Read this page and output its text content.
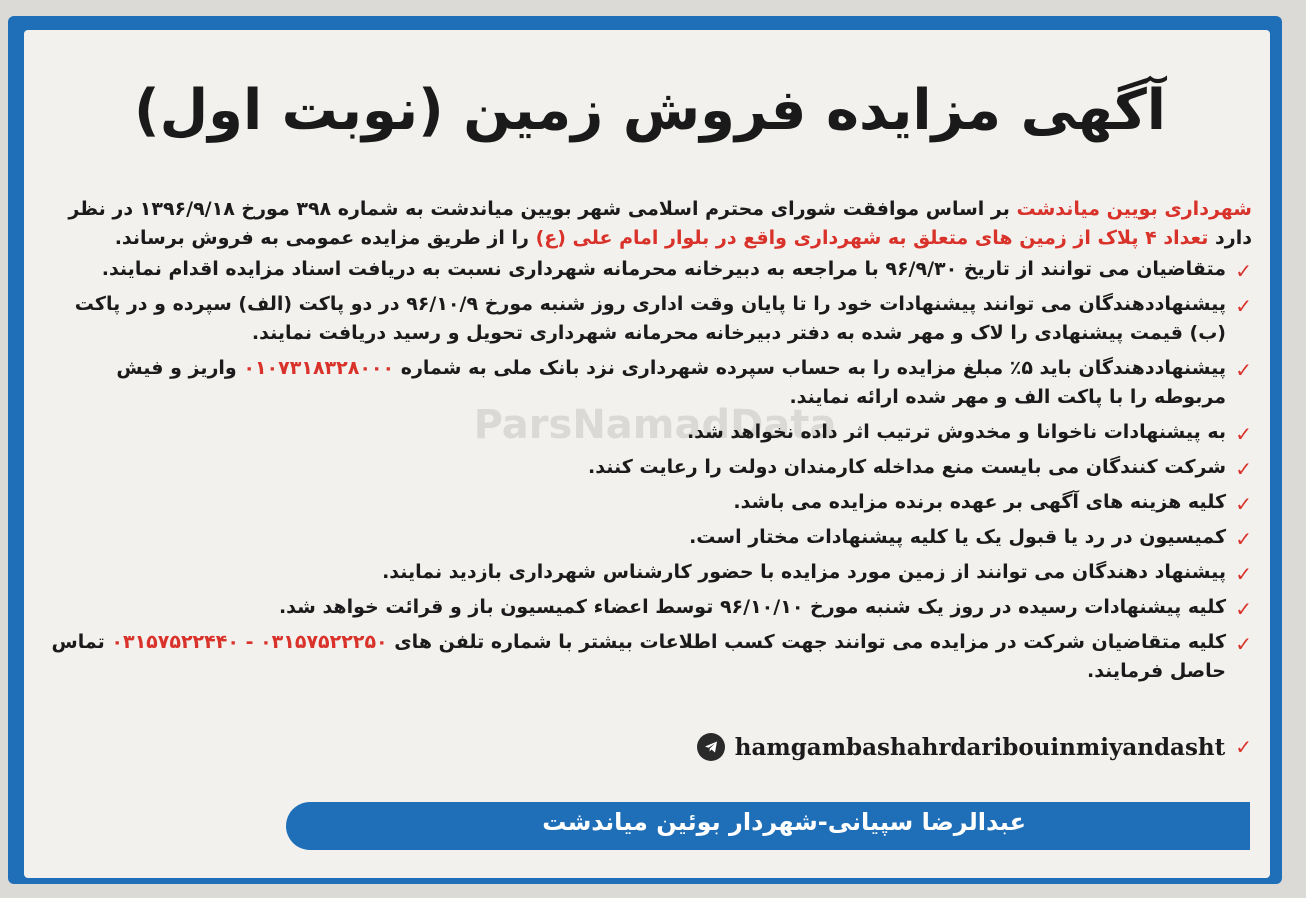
ParsNamadData
آگهی مزایده فروش زمین (نوبت اول)

شهرداری بویین میاندشت بر اساس موافقت شورای محترم اسلامی شهر بویین میاندشت به شماره ۳۹۸ مورخ ۱۳۹۶/۹/۱۸ در نظر دارد تعداد ۴ پلاک از زمین های متعلق به شهرداری واقع در بلوار امام علی (ع) را از طریق مزایده عمومی به فروش برساند.

✓
متقاضیان می توانند از تاریخ ۹۶/۹/۳۰ با مراجعه به دبیرخانه محرمانه شهرداری نسبت به دریافت اسناد مزایده اقدام نمایند.
✓
پیشنهاددهندگان می توانند پیشنهادات خود را تا پایان وقت اداری روز شنبه مورخ ۹۶/۱۰/۹ در دو پاکت (الف) سپرده و در پاکت (ب) قیمت پیشنهادی را لاک و مهر شده به دفتر دبیرخانه محرمانه شهرداری تحویل و رسید دریافت نمایند.
✓
پیشنهاددهندگان باید ۵٪ مبلغ مزایده را به حساب سپرده شهرداری نزد بانک ملی به شماره ۰۱۰۷۳۱۸۳۲۸۰۰۰ واریز و فیش مربوطه را با پاکت الف و مهر شده ارائه نمایند.
✓
به پیشنهادات ناخوانا و مخدوش ترتیب اثر داده نخواهد شد.
✓
شرکت کنندگان می بایست منع مداخله کارمندان دولت را رعایت کنند.
✓
کلیه هزینه های آگهی بر عهده برنده مزایده می باشد.
✓
کمیسیون در رد یا قبول یک یا کلیه پیشنهادات مختار است.
✓
پیشنهاد دهندگان می توانند از زمین مورد مزایده با حضور کارشناس شهرداری بازدید نمایند.
✓
کلیه پیشنهادات رسیده در روز یک شنبه مورخ ۹۶/۱۰/۱۰ توسط اعضاء کمیسیون باز و قرائت خواهد شد.
✓
کلیه متقاضیان شرکت در مزایده می توانند جهت کسب اطلاعات بیشتر با شماره تلفن های ۰۳۱۵۷۵۲۲۲۵۰ - ۰۳۱۵۷۵۲۲۴۴۰ تماس حاصل فرمایند.
hamgambashahrdaribouinmiyandasht ✓
عبدالرضا سپیانی-شهردار بوئین میاندشت
